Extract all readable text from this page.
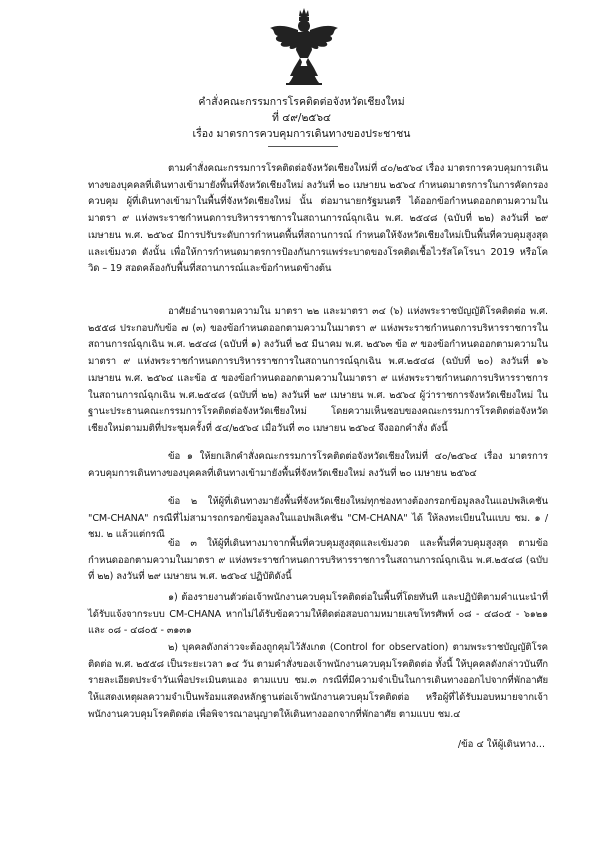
คำสั่งคณะกรรมการโรคติดต่อจังหวัดเชียงใหม่
ที่ ๔๙/๒๕๖๔
เรื่อง มาตรการควบคุมการเดินทางของประชาชน
ตามคำสั่งคณะกรรมการโรคติดต่อจังหวัดเชียงใหม่ที่ ๔๐/๒๕๖๔ เรื่อง มาตรการควบคุมการเดินทางของบุคคลที่เดินทางเข้ามายังพื้นที่จังหวัดเชียงใหม่ ลงวันที่ ๒๐ เมษายน ๒๕๖๔ กำหนดมาตรการในการคัดกรอง ควบคุม ผู้ที่เดินทางเข้ามาในพื้นที่จังหวัดเชียงใหม่ นั้น ต่อมานายกรัฐมนตรี ได้ออกข้อกำหนดออกตามความในมาตรา ๙ แห่งพระราชกำหนดการบริหารราชการในสถานการณ์ฉุกเฉิน พ.ศ. ๒๕๔๘ (ฉบับที่ ๒๒) ลงวันที่ ๒๙ เมษายน พ.ศ. ๒๕๖๔ มีการปรับระดับการกำหนดพื้นที่สถานการณ์ กำหนดให้จังหวัดเชียงใหม่เป็นพื้นที่ควบคุมสูงสุดและเข้มงวด ดังนั้น เพื่อให้การกำหนดมาตรการป้องกันการแพร่ระบาดของโรคติดเชื้อไวรัสโคโรนา 2019 หรือโควิด – 19 สอดคล้องกับพื้นที่สถานการณ์และข้อกำหนดข้างต้น
อาศัยอำนาจตามความใน มาตรา ๒๒ และมาตรา ๓๔ (๖) แห่งพระราชบัญญัติโรคติดต่อ พ.ศ. ๒๕๕๘ ประกอบกับข้อ ๗ (๓) ของข้อกำหนดออกตามความในมาตรา ๙ แห่งพระราชกำหนดการบริหารราชการในสถานการณ์ฉุกเฉิน พ.ศ. ๒๕๔๘ (ฉบับที่ ๑) ลงวันที่ ๒๕ มีนาคม พ.ศ. ๒๕๖๓ ข้อ ๙ ของข้อกำหนดออกตามความในมาตรา ๙ แห่งพระราชกำหนดการบริหารราชการในสถานการณ์ฉุกเฉิน พ.ศ.๒๕๔๘ (ฉบับที่ ๒๐) ลงวันที่ ๑๖ เมษายน พ.ศ. ๒๕๖๔ และข้อ ๕ ของข้อกำหนดออกตามความในมาตรา ๙ แห่งพระราชกำหนดการบริหารราชการในสถานการณ์ฉุกเฉิน พ.ศ.๒๕๔๘ (ฉบับที่ ๒๒) ลงวันที่ ๒๙ เมษายน พ.ศ. ๒๕๖๔ ผู้ว่าราชการจังหวัดเชียงใหม่ ในฐานะประธานคณะกรรมการโรคติดต่อจังหวัดเชียงใหม่ โดยความเห็นชอบของคณะกรรมการโรคติดต่อจังหวัดเชียงใหม่ตามมติที่ประชุมครั้งที่ ๕๔/๒๕๖๔ เมื่อวันที่ ๓๐ เมษายน ๒๕๖๔ จึงออกคำสั่ง ดังนี้
ข้อ ๑ ให้ยกเลิกคำสั่งคณะกรรมการโรคติดต่อจังหวัดเชียงใหม่ที่ ๔๐/๒๕๖๔ เรื่อง มาตรการควบคุมการเดินทางของบุคคลที่เดินทางเข้ามายังพื้นที่จังหวัดเชียงใหม่ ลงวันที่ ๒๐ เมษายน ๒๕๖๔
ข้อ ๒ ให้ผู้ที่เดินทางมายังพื้นที่จังหวัดเชียงใหม่ทุกช่องทางต้องกรอกข้อมูลลงในแอปพลิเคชัน "CM-CHANA" กรณีที่ไม่สามารถกรอกข้อมูลลงในแอปพลิเคชัน "CM-CHANA" ได้ ให้ลงทะเบียนในแบบ ชม. ๑ / ชม. ๒ แล้วแต่กรณี
ข้อ ๓ ให้ผู้ที่เดินทางมาจากพื้นที่ควบคุมสูงสุดและเข้มงวด และพื้นที่ควบคุมสูงสุด ตามข้อกำหนดออกตามความในมาตรา ๙ แห่งพระราชกำหนดการบริหารราชการในสถานการณ์ฉุกเฉิน พ.ศ.๒๕๔๘ (ฉบับที่ ๒๒) ลงวันที่ ๒๙ เมษายน พ.ศ. ๒๕๖๔ ปฏิบัติดังนี้
๑) ต้องรายงานตัวต่อเจ้าพนักงานควบคุมโรคติดต่อในพื้นที่โดยทันที และปฏิบัติตามคำแนะนำที่ได้รับแจ้งจากระบบ CM-CHANA หากไม่ได้รับข้อความให้ติดต่อสอบถามหมายเลขโทรศัพท์ ๐๘ - ๔๘๐๕ - ๖๑๒๑ และ ๐๘ - ๔๘๐๕ - ๓๑๓๑
๒) บุคคลดังกล่าวจะต้องถูกคุมไว้สังเกต (Control for observation) ตามพระราชบัญญัติโรคติดต่อ พ.ศ. ๒๕๕๘ เป็นระยะเวลา ๑๔ วัน ตามคำสั่งของเจ้าพนักงานควบคุมโรคติดต่อ ทั้งนี้ ให้บุคคลดังกล่าวบันทึกรายละเอียดประจำวันเพื่อประเมินตนเอง ตามแบบ ชม.๓ กรณีที่มีความจำเป็นในการเดินทางออกไปจากที่พักอาศัยให้แสดงเหตุผลความจำเป็นพร้อมแสดงหลักฐานต่อเจ้าพนักงานควบคุมโรคติดต่อ หรือผู้ที่ได้รับมอบหมายจากเจ้าพนักงานควบคุมโรคติดต่อ เพื่อพิจารณาอนุญาตให้เดินทางออกจากที่พักอาศัย ตามแบบ ชม.๔
/ข้อ ๔ ให้ผู้เดินทาง...
